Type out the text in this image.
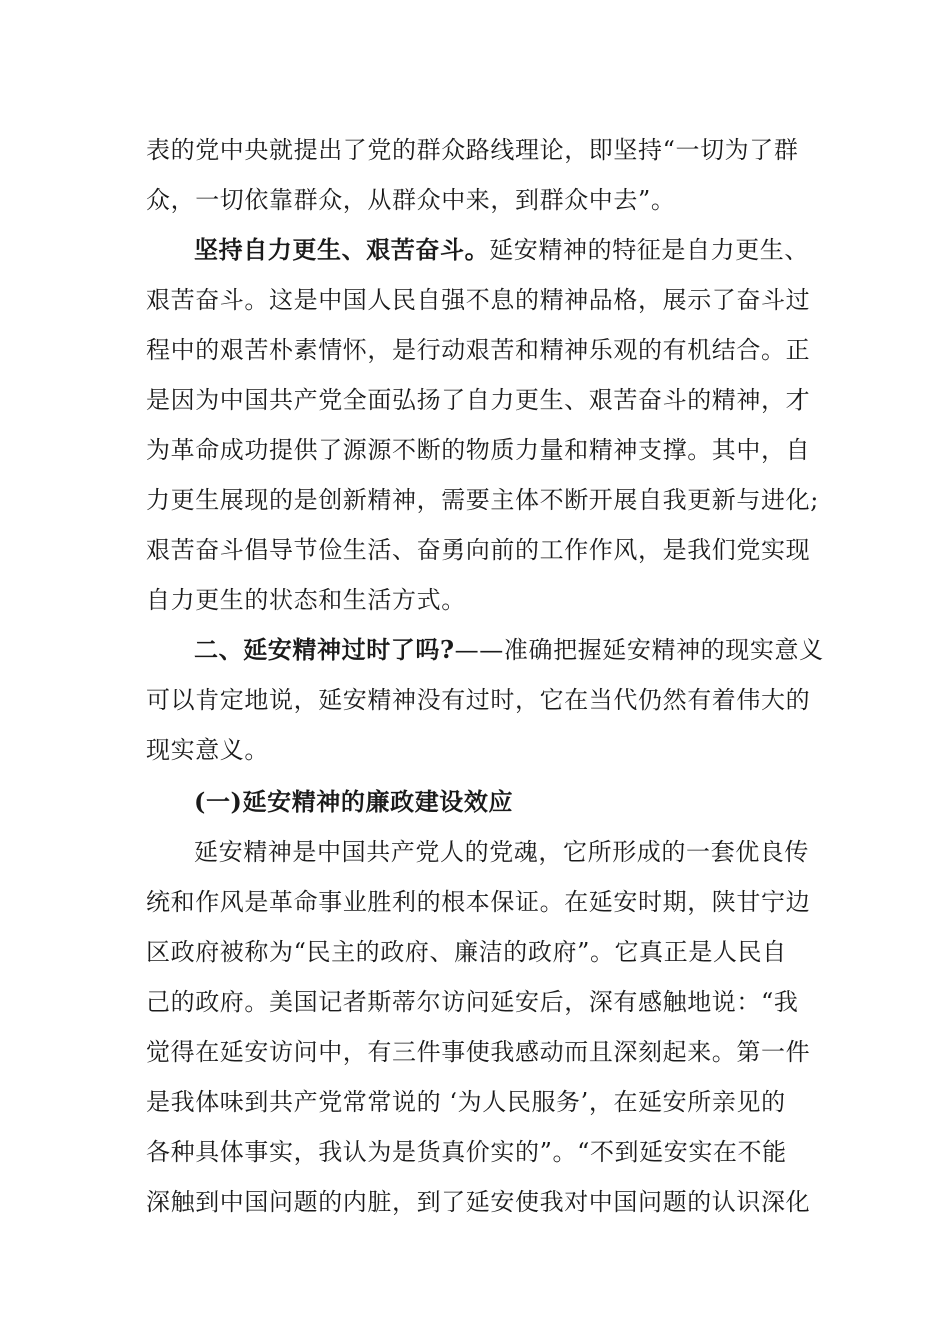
表的党中央就提出了党的群众路线理论，即坚持“一切为了群
众，一切依靠群众，从群众中来，到群众中去”。
坚持自力更生、艰苦奋斗。延安精神的特征是自力更生、
艰苦奋斗。这是中国人民自强不息的精神品格，展示了奋斗过
程中的艰苦朴素情怀，是行动艰苦和精神乐观的有机结合。正
是因为中国共产党全面弘扬了自力更生、艰苦奋斗的精神，才
为革命成功提供了源源不断的物质力量和精神支撑。其中，自
力更生展现的是创新精神，需要主体不断开展自我更新与进化;
艰苦奋斗倡导节俭生活、奋勇向前的工作作风，是我们党实现
自力更生的状态和生活方式。
二、延安精神过时了吗?——准确把握延安精神的现实意义
可以肯定地说，延安精神没有过时，它在当代仍然有着伟大的
现实意义。
(一)延安精神的廉政建设效应
延安精神是中国共产党人的党魂，它所形成的一套优良传
统和作风是革命事业胜利的根本保证。在延安时期，陕甘宁边
区政府被称为“民主的政府、廉洁的政府”。它真正是人民自
己的政府。美国记者斯蒂尔访问延安后，深有感触地说：“我
觉得在延安访问中，有三件事使我感动而且深刻起来。第一件
是我体味到共产党常常说的 ‘为人民服务’，在延安所亲见的
各种具体事实，我认为是货真价实的”。“不到延安实在不能
深触到中国问题的内脏，到了延安使我对中国问题的认识深化
